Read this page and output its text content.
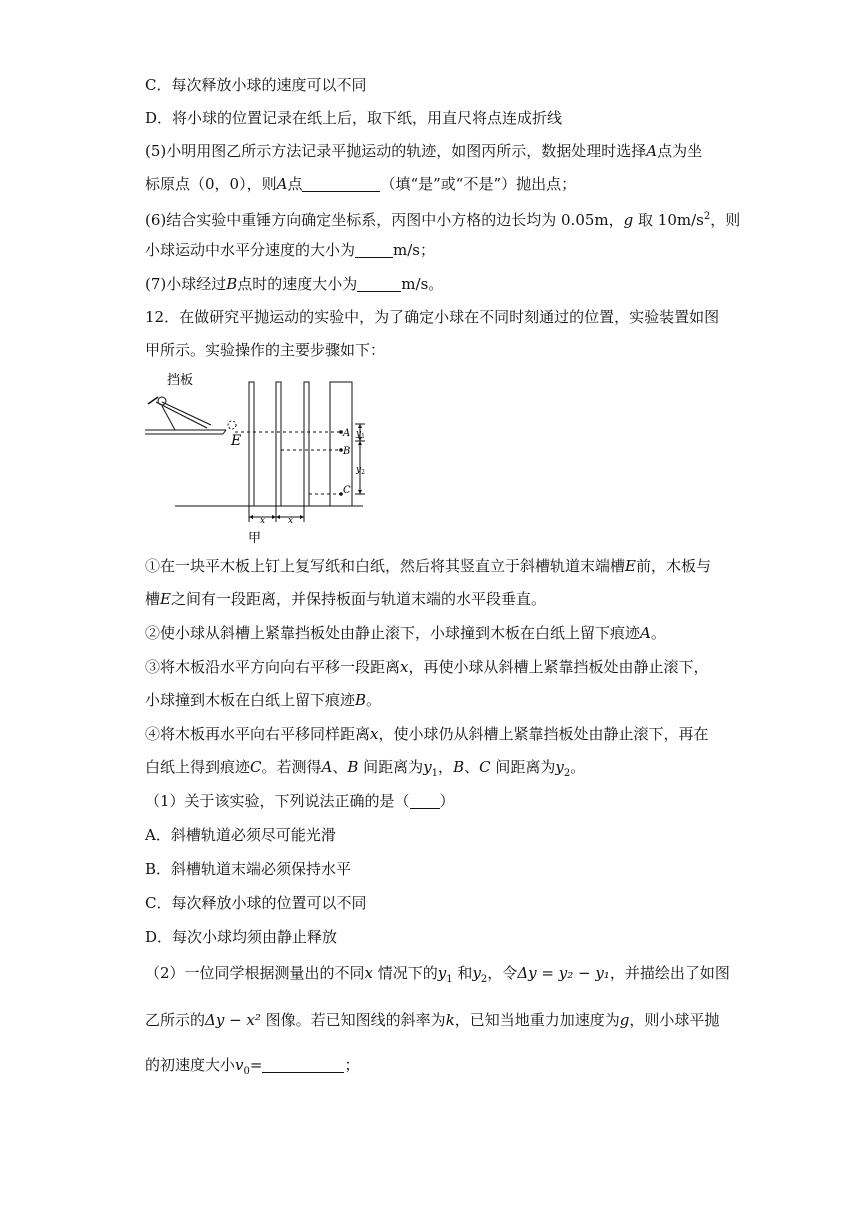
C．每次释放小球的速度可以不同
D．将小球的位置记录在纸上后，取下纸，用直尺将点连成折线
(5)小明用图乙所示方法记录平抛运动的轨迹，如图丙所示，数据处理时选择A点为坐
标原点（0，0），则A点	（填“是”或“不是”）抛出点；
(6)结合实验中重锤方向确定坐标系，丙图中小方格的边长均为 0.05m，g 取 $10m/s^2$，则
小球运动中水平分速度的大小为	m/s；
(7)小球经过B点时的速度大小为	m/s。
12．在做研究平抛运动的实验中，为了确定小球在不同时刻通过的位置，实验装置如图
甲所示。实验操作的主要步骤如下：
挡板
E	A
B
C
$y_1$
$y_2$
x	x
甲
①在一块平木板上钉上复写纸和白纸，然后将其竖直立于斜槽轨道末端槽E前，木板与
槽E之间有一段距离，并保持板面与轨道末端的水平段垂直。
②使小球从斜槽上紧靠挡板处由静止滚下，小球撞到木板在白纸上留下痕迹A。
③将木板沿水平方向向右平移一段距离x，再使小球从斜槽上紧靠挡板处由静止滚下，
小球撞到木板在白纸上留下痕迹B。
④将木板再水平向右平移同样距离x，使小球仍从斜槽上紧靠挡板处由静止滚下，再在
白纸上得到痕迹C。若测得A、B 间距离为$y_1$，B、C 间距离为$y_2$。
（1）关于该实验，下列说法正确的是（ ）
A．斜槽轨道必须尽可能光滑
B．斜槽轨道末端必须保持水平
C．每次释放小球的位置可以不同
D．每次小球均须由静止释放
（2）一位同学根据测量出的不同x 情况下的$y_1$ 和$y_2$，令Δy = y₂ − y₁，并描绘出了如图
乙所示的Δy − x² 图像。若已知图线的斜率为k，已知当地重力加速度为g，则小球平抛
的初速度大小$v_0=$	；
